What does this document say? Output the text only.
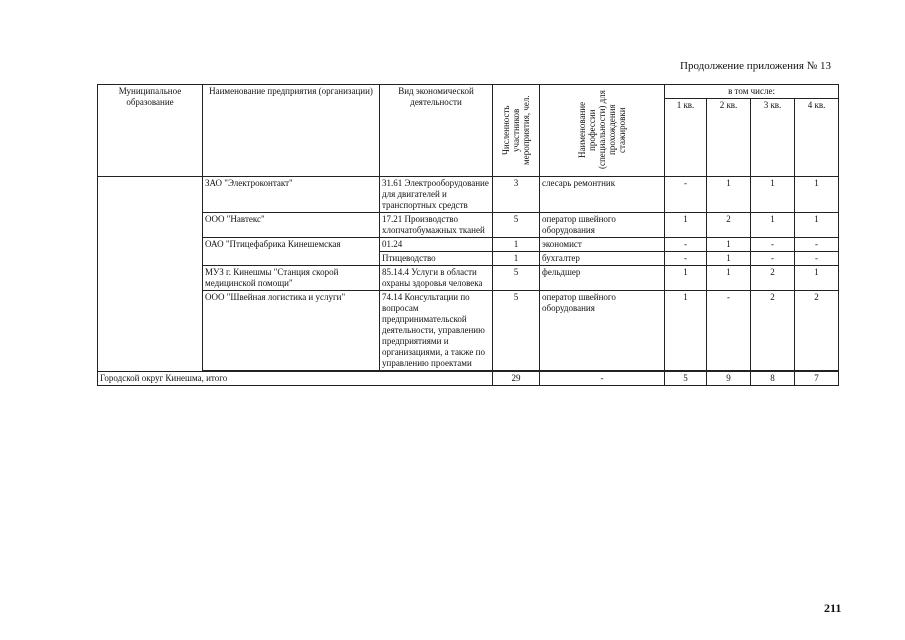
Продолжение приложения № 13
Муниципальное образование	Наименование предприятия (организации)	Вид экономической деятельности	Численность участников мероприятия, чел.	Наименование профессии (специальности) для прохождения стажировки	в том числе:			
					1 кв.	2 кв.	3 кв.	4 кв.
	ЗАО "Электроконтакт"	31.61 Электрооборудование для двигателей и транспортных средств	3	слесарь ремонтник	-	1	1	1
	ООО "Навтекс"	17.21 Производство хлопчатобумажных тканей	5	оператор швейного оборудования	1	2	1	1
	ОАО "Птицефабрика Кинешемская	01.24	1	экономист	-	1	-	-
		Птицеводство	1	бухгалтер	-	1	-	-
	МУЗ г. Кинешмы "Станция скорой медицинской помощи"	85.14.4 Услуги в области охраны здоровья человека	5	фельдшер	1	1	2	1
	ООО "Швейная логистика и услуги"	74.14 Консультации по вопросам предпринимательской деятельности, управлению предприятиями и организациями, а также по управлению проектами	5	оператор швейного оборудования	1	-	2	2

Городской округ Кинешма, итого			29	-	5	9	8	7
211
